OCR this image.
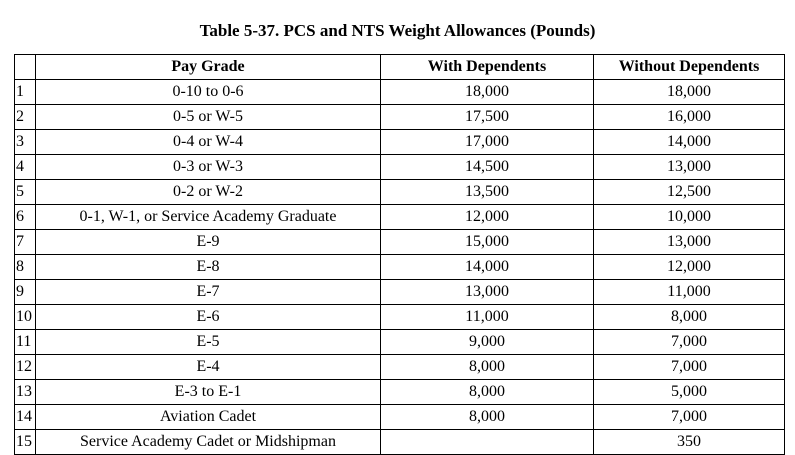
Table 5-37. PCS and NTS Weight Allowances (Pounds)
	Pay Grade	With Dependents	Without Dependents
1	0-10 to 0-6	18,000	18,000
2	0-5 or W-5	17,500	16,000
3	0-4 or W-4	17,000	14,000
4	0-3 or W-3	14,500	13,000
5	0-2 or W-2	13,500	12,500
6	0-1, W-1, or Service Academy Graduate	12,000	10,000
7	E-9	15,000	13,000
8	E-8	14,000	12,000
9	E-7	13,000	11,000
10	E-6	11,000	8,000
11	E-5	9,000	7,000
12	E-4	8,000	7,000
13	E-3 to E-1	8,000	5,000
14	Aviation Cadet	8,000	7,000
15	Service Academy Cadet or Midshipman		350
